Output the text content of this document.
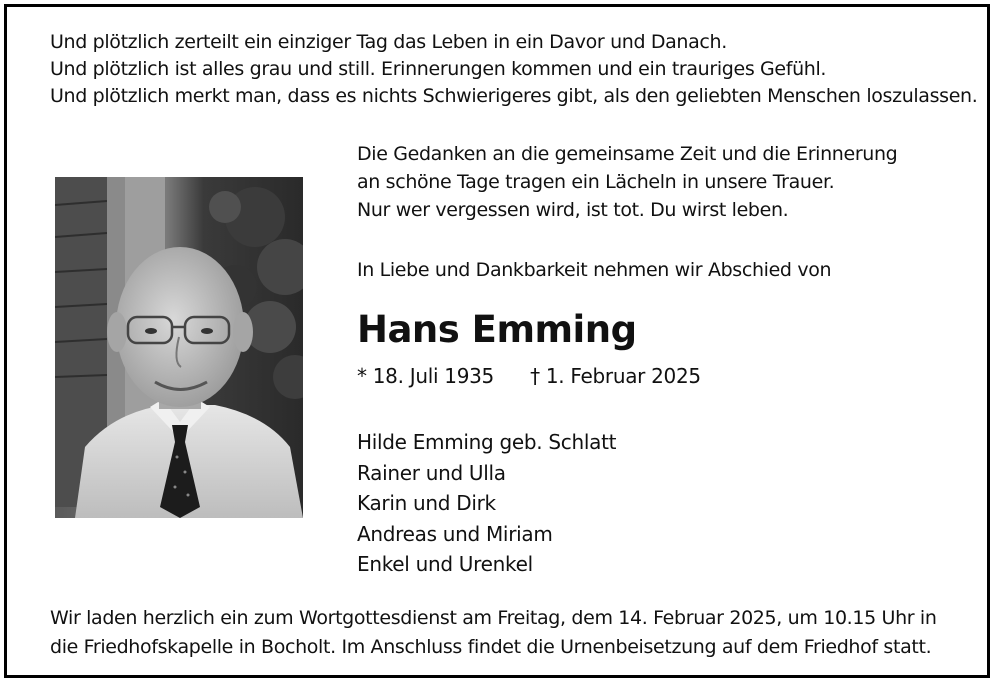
Und plötzlich zerteilt ein einziger Tag das Leben in ein Davor und Danach.

Und plötzlich ist alles grau und still. Erinnerungen kommen und ein trauriges Gefühl.

Und plötzlich merkt man, dass es nichts Schwierigeres gibt, als den geliebten Menschen loszulassen.

Die Gedanken an die gemeinsame Zeit und die Erinnerung

an schöne Tage tragen ein Lächeln in unsere Trauer.

Nur wer vergessen wird, ist tot. Du wirst leben.

In Liebe und Dankbarkeit nehmen wir Abschied von

Hans Emming
* 18. Juli 1935 † 1. Februar 2025
Hilde Emming geb. Schlatt
Rainer und Ulla
Karin und Dirk
Andreas und Miriam
Enkel und Urenkel

Wir laden herzlich ein zum Wortgottesdienst am Freitag, dem 14. Februar 2025, um 10.15 Uhr in

die Friedhofskapelle in Bocholt. Im Anschluss findet die Urnenbeisetzung auf dem Friedhof statt.
